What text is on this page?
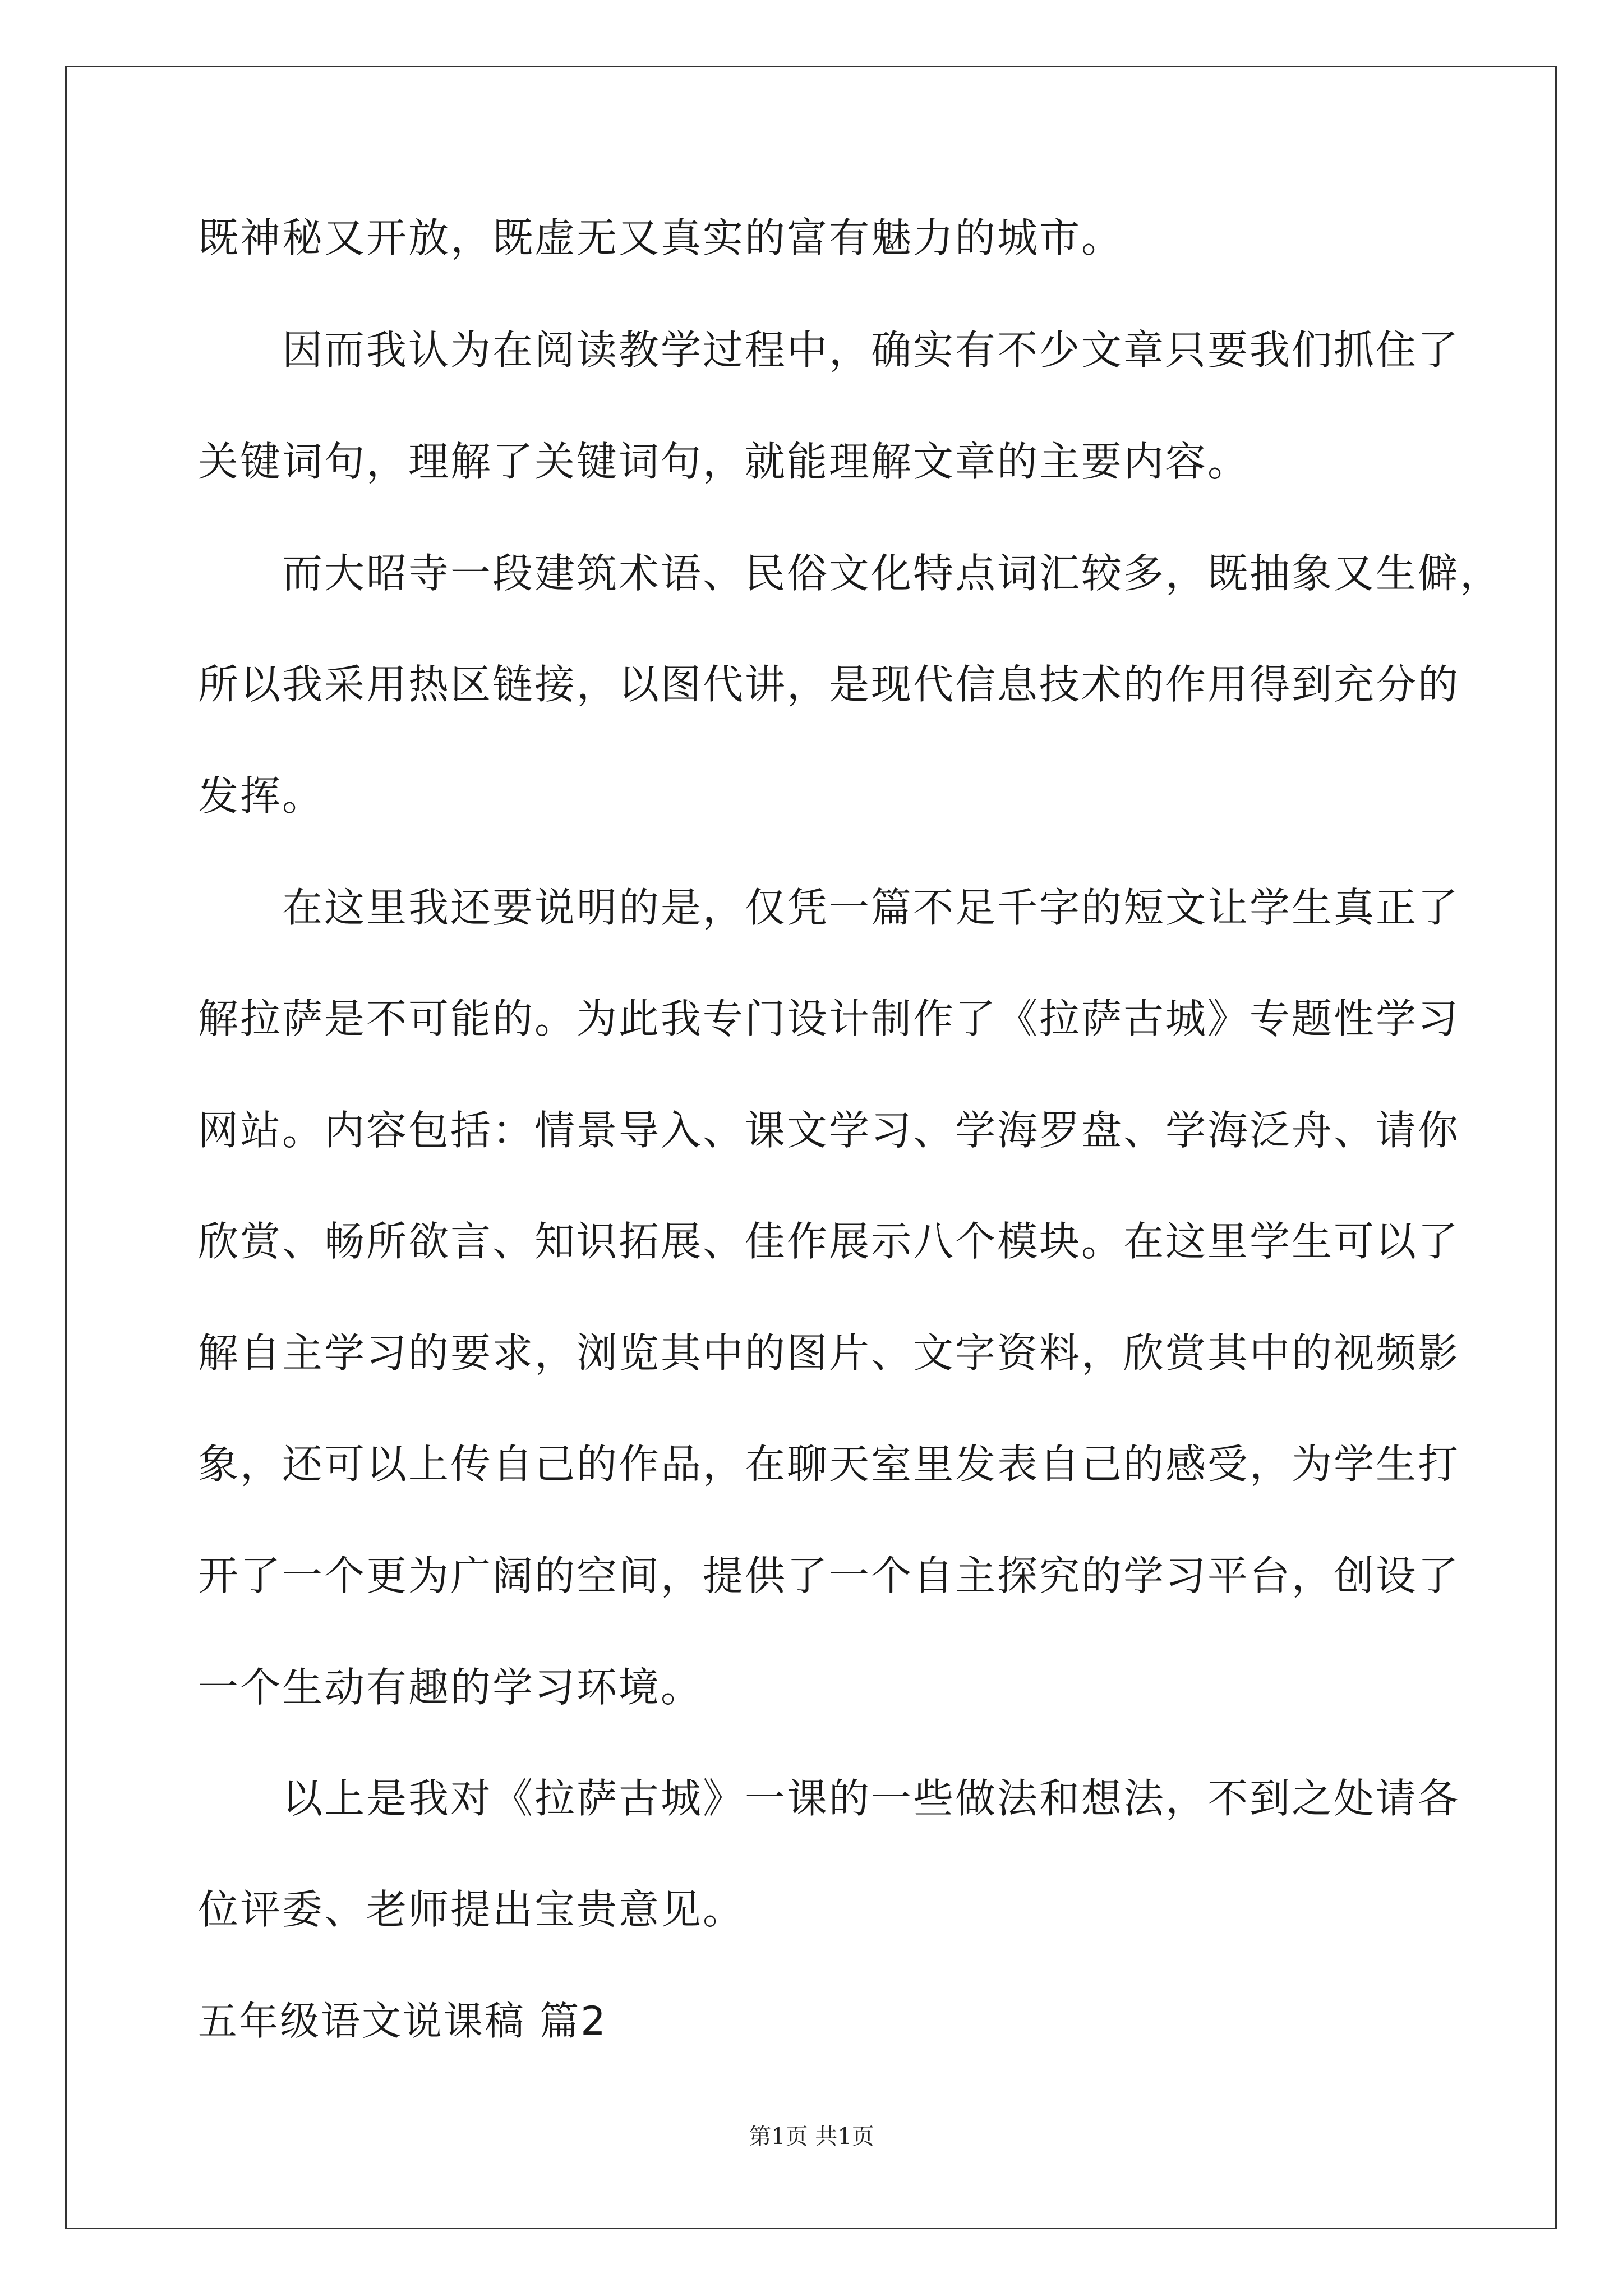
既神秘又开放，既虚无又真实的富有魅力的城市。
因而我认为在阅读教学过程中，确实有不少文章只要我们抓住了
关键词句，理解了关键词句，就能理解文章的主要内容。
而大昭寺一段建筑术语、民俗文化特点词汇较多，既抽象又生僻，
所以我采用热区链接，以图代讲，是现代信息技术的作用得到充分的
发挥。
在这里我还要说明的是，仅凭一篇不足千字的短文让学生真正了
解拉萨是不可能的。为此我专门设计制作了《拉萨古城》专题性学习
网站。内容包括：情景导入、课文学习、学海罗盘、学海泛舟、请你
欣赏、畅所欲言、知识拓展、佳作展示八个模块。在这里学生可以了
解自主学习的要求，浏览其中的图片、文字资料，欣赏其中的视频影
象，还可以上传自己的作品，在聊天室里发表自己的感受，为学生打
开了一个更为广阔的空间，提供了一个自主探究的学习平台，创设了
一个生动有趣的学习环境。
以上是我对《拉萨古城》一课的一些做法和想法，不到之处请各
位评委、老师提出宝贵意见。
五年级语文说课稿 篇2
第1页 共1页
